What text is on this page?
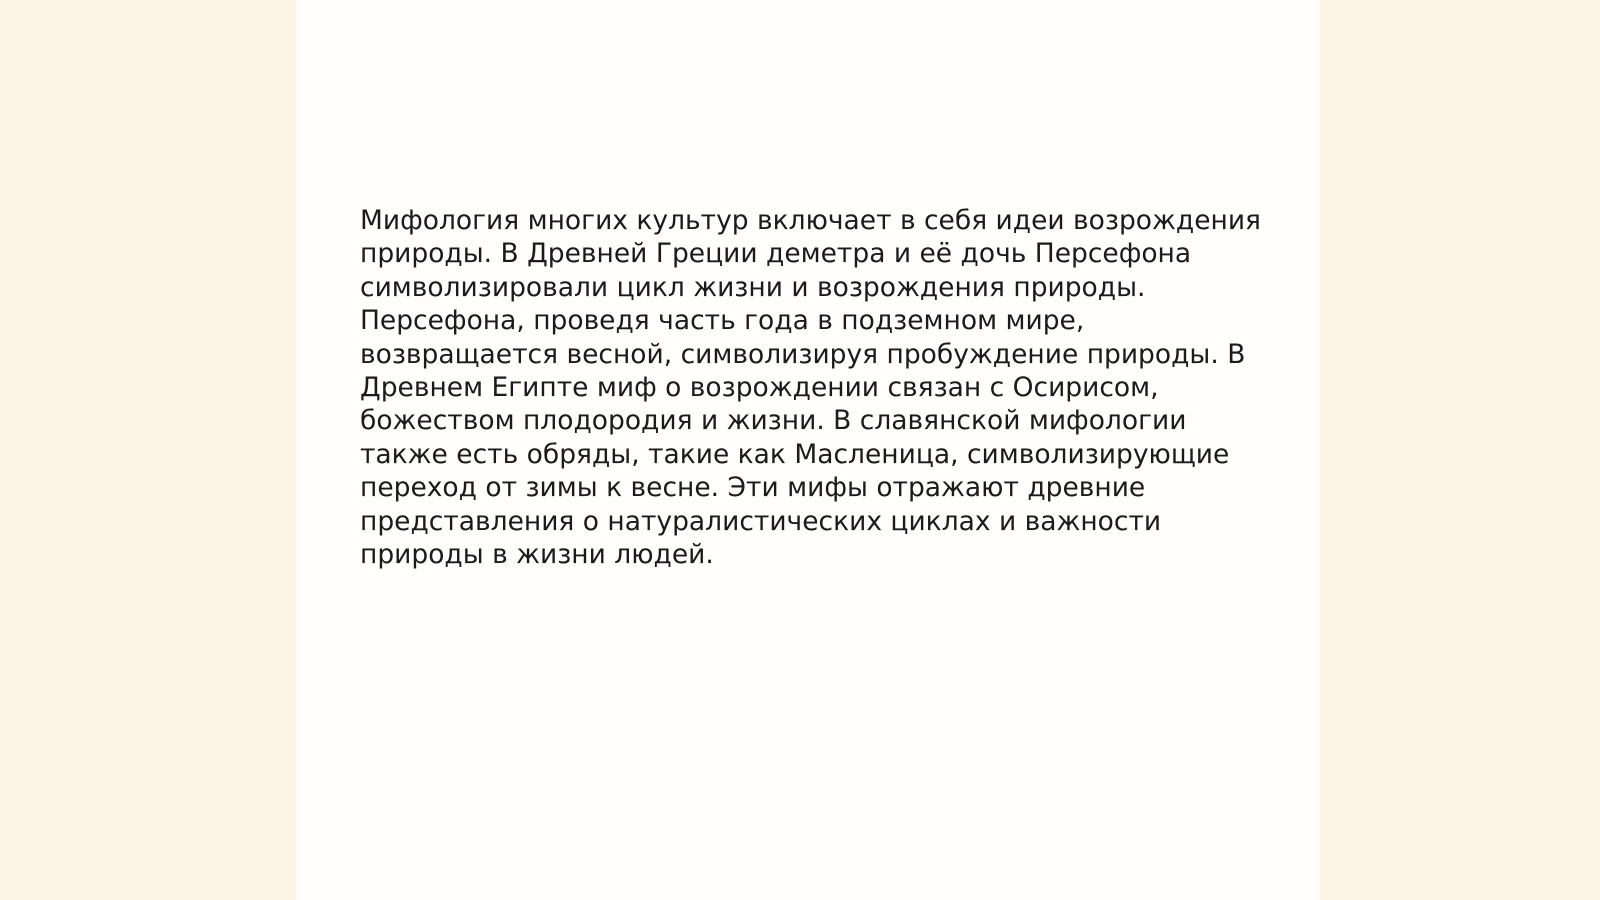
Мифология многих культур включает в себя идеи возрождения
природы. В Древней Греции деметра и её дочь Персефона
символизировали цикл жизни и возрождения природы.
Персефона, проведя часть года в подземном мире,
возвращается весной, символизируя пробуждение природы. В
Древнем Египте миф о возрождении связан с Осирисом,
божеством плодородия и жизни. В славянской мифологии
также есть обряды, такие как Масленица, символизирующие
переход от зимы к весне. Эти мифы отражают древние
представления о натуралистических циклах и важности
природы в жизни людей.
